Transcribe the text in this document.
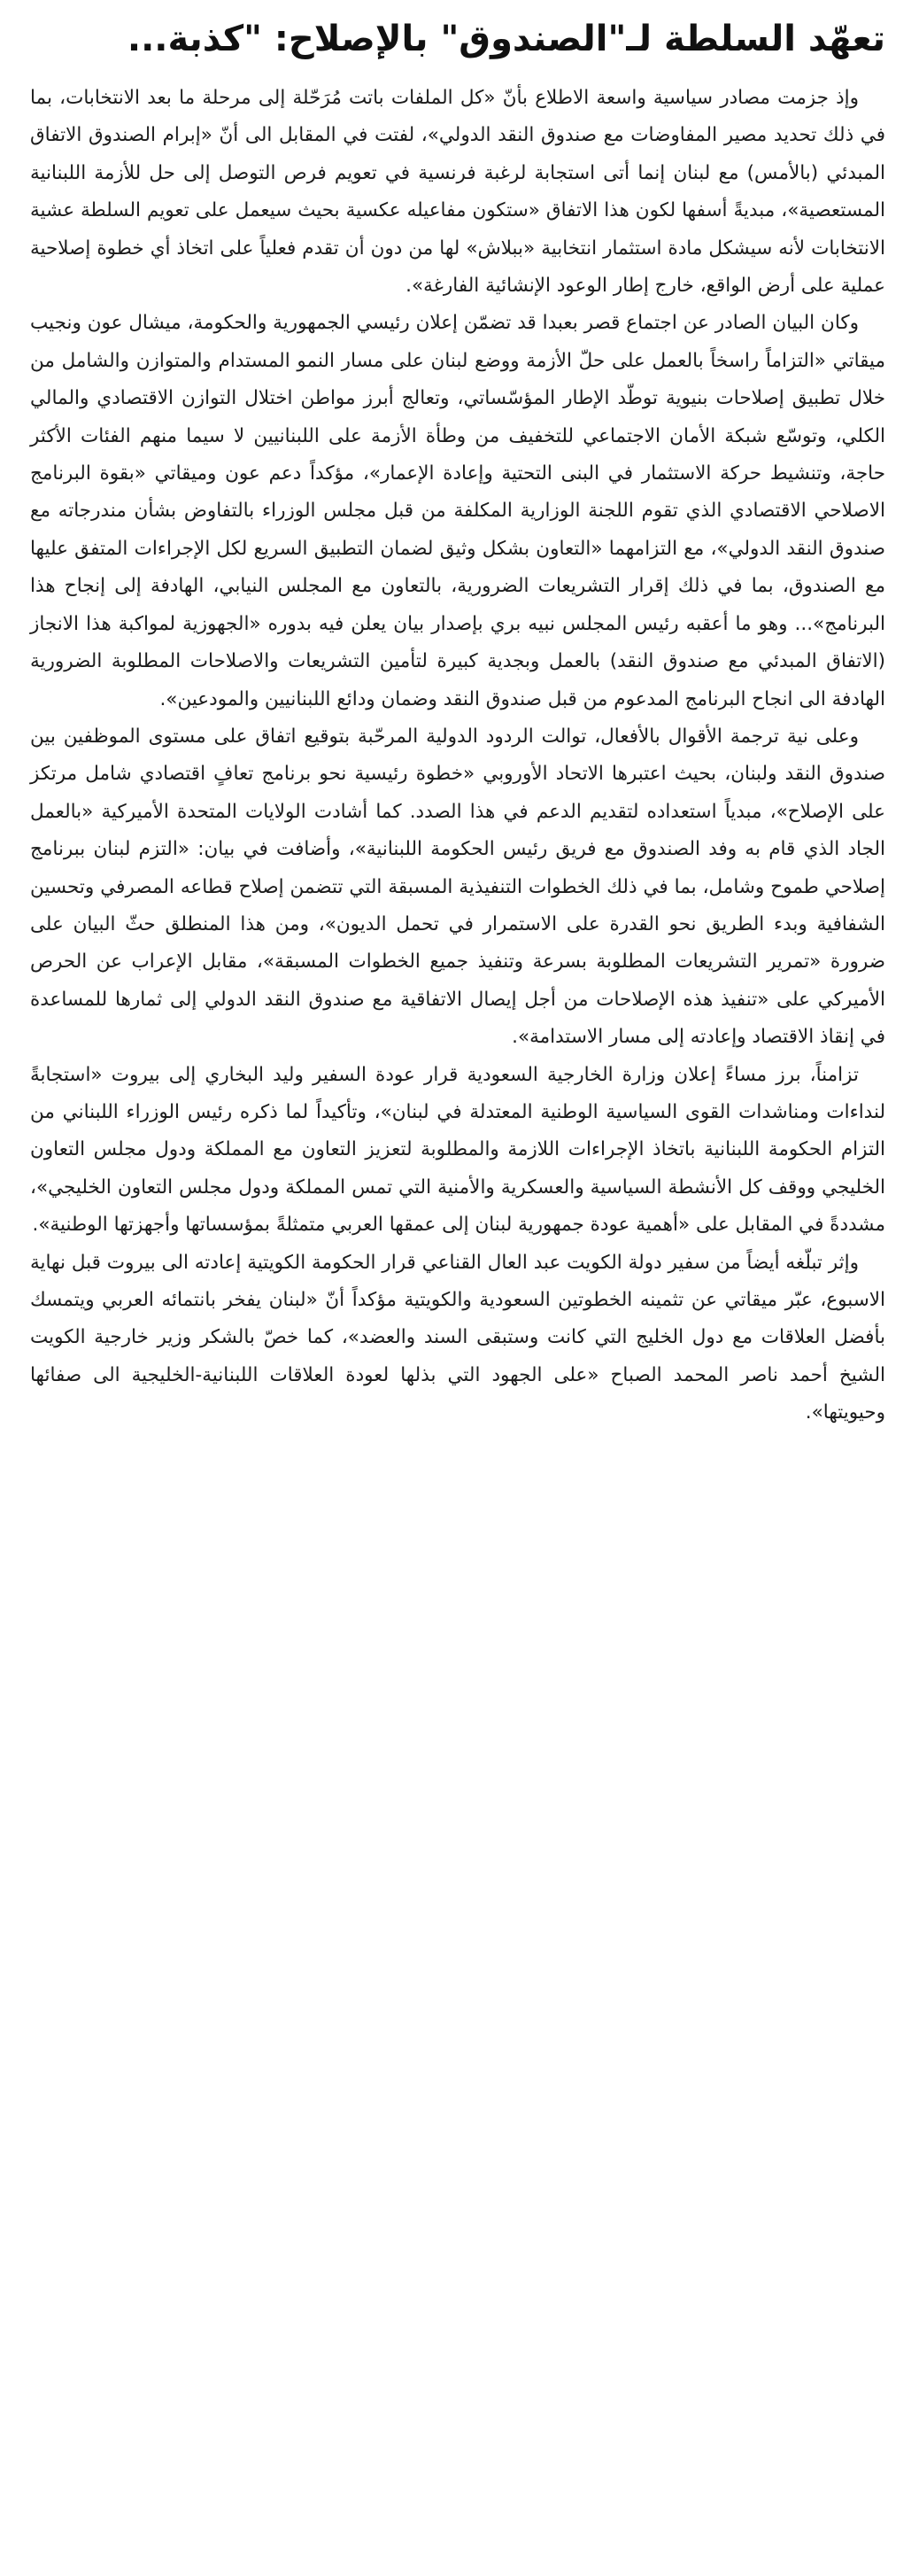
تعهّد السلطة لـ"الصندوق" بالإصلاح: "كذبة...

وإذ جزمت مصادر سياسية واسعة الاطلاع بأنّ «كل الملفات باتت مُرَحّلة إلى مرحلة ما بعد الانتخابات، بما في ذلك تحديد مصير المفاوضات مع صندوق النقد الدولي»، لفتت في المقابل الى أنّ «إبرام الصندوق الاتفاق المبدئي (بالأمس) مع لبنان إنما أتى استجابة لرغبة فرنسية في تعويم فرص التوصل إلى حل للأزمة اللبنانية المستعصية»، مبديةً أسفها لكون هذا الاتفاق «ستكون مفاعيله عكسية بحيث سيعمل على تعويم السلطة عشية الانتخابات لأنه سيشكل مادة استثمار انتخابية «ببلاش» لها من دون أن تقدم فعلياً على اتخاذ أي خطوة إصلاحية عملية على أرض الواقع، خارج إطار الوعود الإنشائية الفارغة».

وكان البيان الصادر عن اجتماع قصر بعبدا قد تضمّن إعلان رئيسي الجمهورية والحكومة، ميشال عون ونجيب ميقاتي «التزاماً راسخاً بالعمل على حلّ الأزمة ووضع لبنان على مسار النمو المستدام والمتوازن والشامل من خلال تطبيق إصلاحات بنيوية توطّد الإطار المؤسّساتي، وتعالج أبرز مواطن اختلال التوازن الاقتصادي والمالي الكلي، وتوسّع شبكة الأمان الاجتماعي للتخفيف من وطأة الأزمة على اللبنانيين لا سيما منهم الفئات الأكثر حاجة، وتنشيط حركة الاستثمار في البنى التحتية وإعادة الإعمار»، مؤكداً دعم عون وميقاتي «بقوة البرنامج الاصلاحي الاقتصادي الذي تقوم اللجنة الوزارية المكلفة من قبل مجلس الوزراء بالتفاوض بشأن مندرجاته مع صندوق النقد الدولي»، مع التزامهما «التعاون بشكل وثيق لضمان التطبيق السريع لكل الإجراءات المتفق عليها مع الصندوق، بما في ذلك إقرار التشريعات الضرورية، بالتعاون مع المجلس النيابي، الهادفة إلى إنجاح هذا البرنامج»... وهو ما أعقبه رئيس المجلس نبيه بري بإصدار بيان يعلن فيه بدوره «الجهوزية لمواكبة هذا الانجاز (الاتفاق المبدئي مع صندوق النقد) بالعمل وبجدية كبيرة لتأمين التشريعات والاصلاحات المطلوبة الضرورية الهادفة الى انجاح البرنامج المدعوم من قبل صندوق النقد وضمان ودائع اللبنانيين والمودعين».

وعلى نية ترجمة الأقوال بالأفعال، توالت الردود الدولية المرحّبة بتوقيع اتفاق على مستوى الموظفين بين صندوق النقد ولبنان، بحيث اعتبرها الاتحاد الأوروبي «خطوة رئيسية نحو برنامج تعافٍ اقتصادي شامل مرتكز على الإصلاح»، مبدياً استعداده لتقديم الدعم في هذا الصدد. كما أشادت الولايات المتحدة الأميركية «بالعمل الجاد الذي قام به وفد الصندوق مع فريق رئيس الحكومة اللبنانية»، وأضافت في بيان: «التزم لبنان ببرنامج إصلاحي طموح وشامل، بما في ذلك الخطوات التنفيذية المسبقة التي تتضمن إصلاح قطاعه المصرفي وتحسين الشفافية وبدء الطريق نحو القدرة على الاستمرار في تحمل الديون»، ومن هذا المنطلق حثّ البيان على ضرورة «تمرير التشريعات المطلوبة بسرعة وتنفيذ جميع الخطوات المسبقة»، مقابل الإعراب عن الحرص الأميركي على «تنفيذ هذه الإصلاحات من أجل إيصال الاتفاقية مع صندوق النقد الدولي إلى ثمارها للمساعدة في إنقاذ الاقتصاد وإعادته إلى مسار الاستدامة».

تزامناً، برز مساءً إعلان وزارة الخارجية السعودية قرار عودة السفير وليد البخاري إلى بيروت «استجابةً لنداءات ومناشدات القوى السياسية الوطنية المعتدلة في لبنان»، وتأكيداً لما ذكره رئيس الوزراء اللبناني من التزام الحكومة اللبنانية باتخاذ الإجراءات اللازمة والمطلوبة لتعزيز التعاون مع المملكة ودول مجلس التعاون الخليجي ووقف كل الأنشطة السياسية والعسكرية والأمنية التي تمس المملكة ودول مجلس التعاون الخليجي»، مشددةً في المقابل على «أهمية عودة جمهورية لبنان إلى عمقها العربي متمثلةً بمؤسساتها وأجهزتها الوطنية».

وإثر تبلّغه أيضاً من سفير دولة الكويت عبد العال القناعي قرار الحكومة الكويتية إعادته الى بيروت قبل نهاية الاسبوع، عبّر ميقاتي عن تثمينه الخطوتين السعودية والكويتية مؤكداً أنّ «لبنان يفخر بانتمائه العربي ويتمسك بأفضل العلاقات مع دول الخليج التي كانت وستبقى السند والعضد»، كما خصّ بالشكر وزير خارجية الكويت الشيخ أحمد ناصر المحمد الصباح «على الجهود التي بذلها لعودة العلاقات اللبنانية-الخليجية الى صفائها وحيويتها».
